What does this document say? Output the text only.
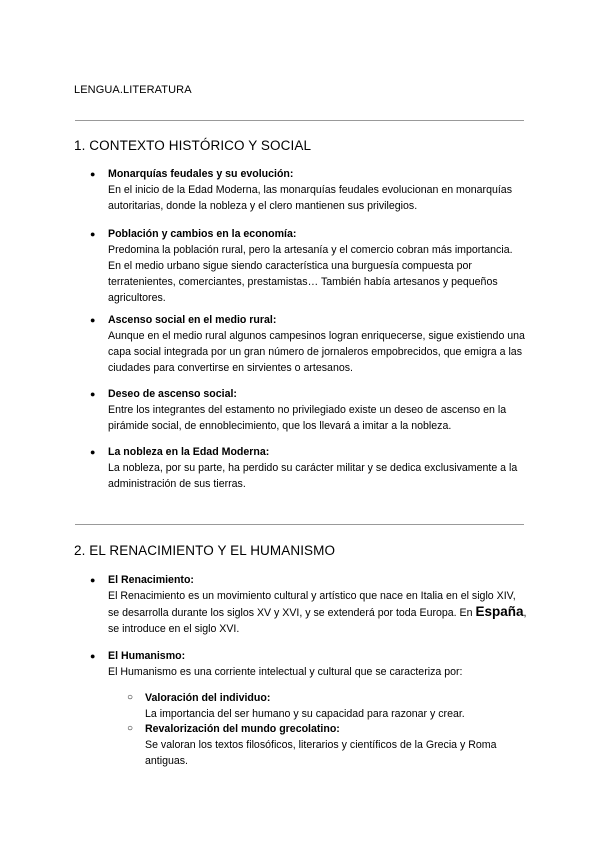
LENGUA.LITERATURA
1. CONTEXTO HISTÓRICO Y SOCIAL
●	Monarquías feudales y su evolución:
En el inicio de la Edad Moderna, las monarquías feudales evolucionan en monarquías autoritarias, donde la nobleza y el clero mantienen sus privilegios.
●	Población y cambios en la economía:
Predomina la población rural, pero la artesanía y el comercio cobran más importancia. En el medio urbano sigue siendo característica una burguesía compuesta por terratenientes, comerciantes, prestamistas… También había artesanos y pequeños agricultores.
●	Ascenso social en el medio rural:
Aunque en el medio rural algunos campesinos logran enriquecerse, sigue existiendo una capa social integrada por un gran número de jornaleros empobrecidos, que emigra a las ciudades para convertirse en sirvientes o artesanos.
●	Deseo de ascenso social:
Entre los integrantes del estamento no privilegiado existe un deseo de ascenso en la pirámide social, de ennoblecimiento, que los llevará a imitar a la nobleza.
●	La nobleza en la Edad Moderna:
La nobleza, por su parte, ha perdido su carácter militar y se dedica exclusivamente a la administración de sus tierras.
2. EL RENACIMIENTO Y EL HUMANISMO
●	El Renacimiento:
El Renacimiento es un movimiento cultural y artístico que nace en Italia en el siglo XIV, se desarrolla durante los siglos XV y XVI, y se extenderá por toda Europa. En España, se introduce en el siglo XVI.
●	El Humanismo:
El Humanismo es una corriente intelectual y cultural que se caracteriza por:
○	Valoración del individuo:
La importancia del ser humano y su capacidad para razonar y crear.
○	Revalorización del mundo grecolatino:
Se valoran los textos filosóficos, literarios y científicos de la Grecia y Roma antiguas.
